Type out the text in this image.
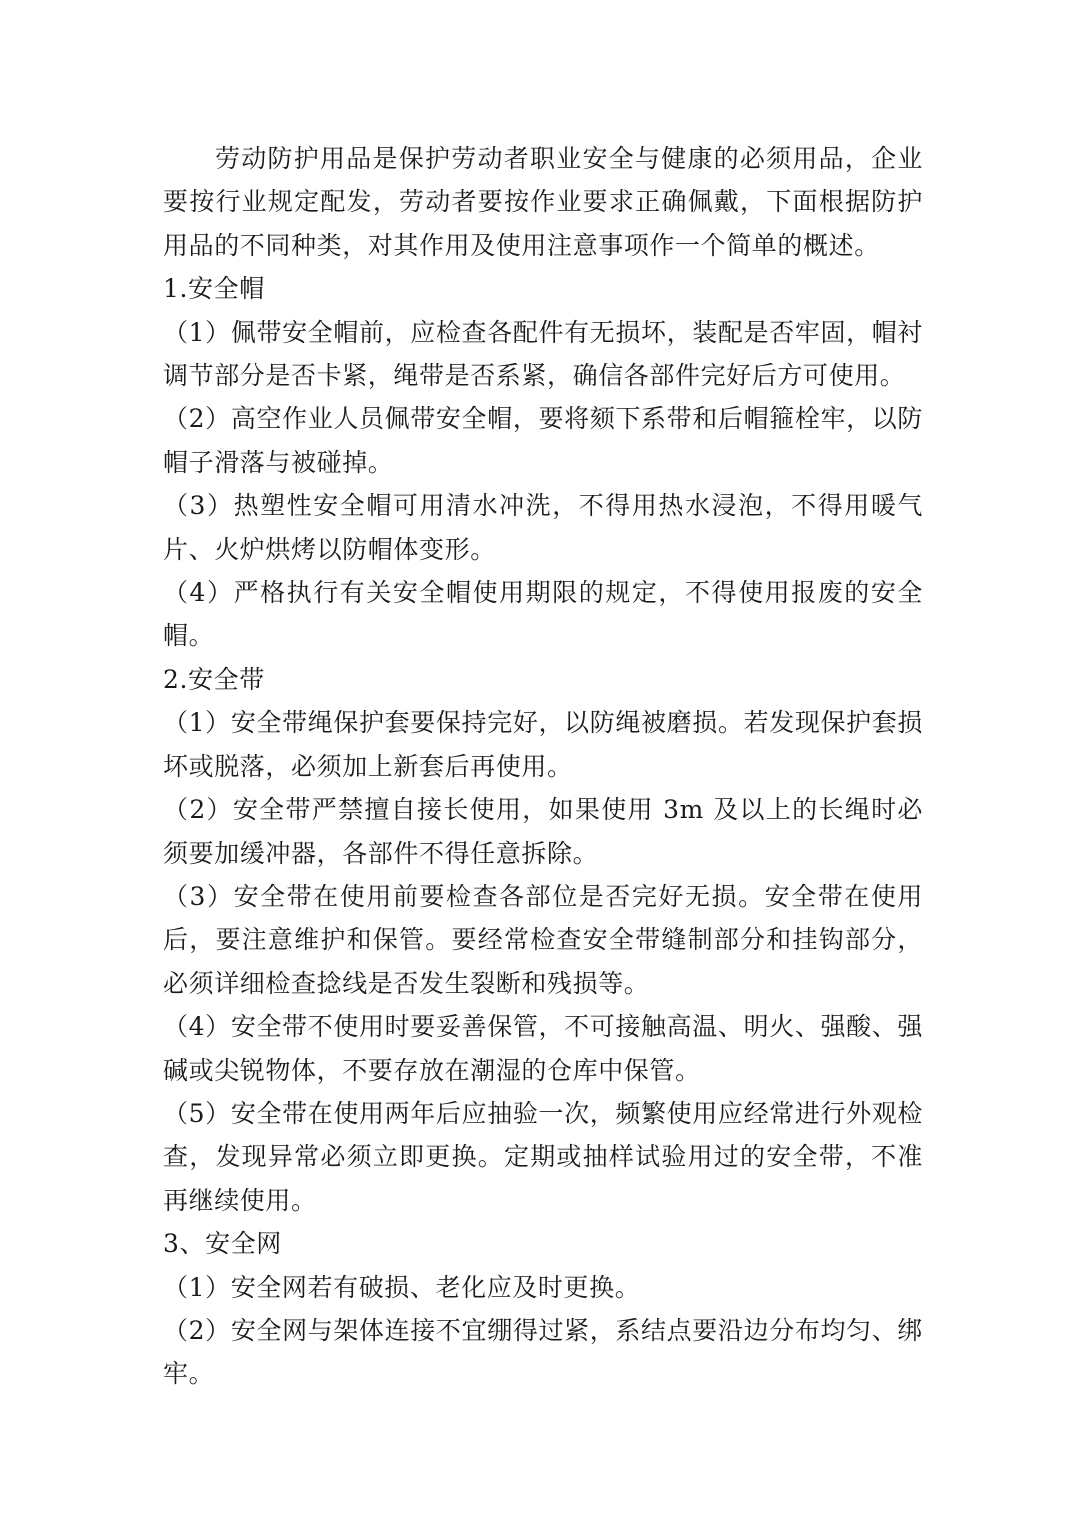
劳动防护用品是保护劳动者职业安全与健康的必须用品，企业要按行业规定配发，劳动者要按作业要求正确佩戴，下面根据防护用品的不同种类，对其作用及使用注意事项作一个简单的概述。

1.安全帽

（1）佩带安全帽前，应检查各配件有无损坏，装配是否牢固，帽衬调节部分是否卡紧，绳带是否系紧，确信各部件完好后方可使用。

（2）高空作业人员佩带安全帽，要将颏下系带和后帽箍栓牢，以防帽子滑落与被碰掉。

（3）热塑性安全帽可用清水冲洗，不得用热水浸泡，不得用暖气片、火炉烘烤以防帽体变形。

（4）严格执行有关安全帽使用期限的规定，不得使用报废的安全帽。

2.安全带

（1）安全带绳保护套要保持完好，以防绳被磨损。若发现保护套损坏或脱落，必须加上新套后再使用。

（2）安全带严禁擅自接长使用，如果使用 3m 及以上的长绳时必须要加缓冲器，各部件不得任意拆除。

（3）安全带在使用前要检查各部位是否完好无损。安全带在使用后，要注意维护和保管。要经常检查安全带缝制部分和挂钩部分，必须详细检查捻线是否发生裂断和残损等。

（4）安全带不使用时要妥善保管，不可接触高温、明火、强酸、强碱或尖锐物体，不要存放在潮湿的仓库中保管。

（5）安全带在使用两年后应抽验一次，频繁使用应经常进行外观检查，发现异常必须立即更换。定期或抽样试验用过的安全带，不准再继续使用。

3、安全网

（1）安全网若有破损、老化应及时更换。

（2）安全网与架体连接不宜绷得过紧，系结点要沿边分布均匀、绑牢。
